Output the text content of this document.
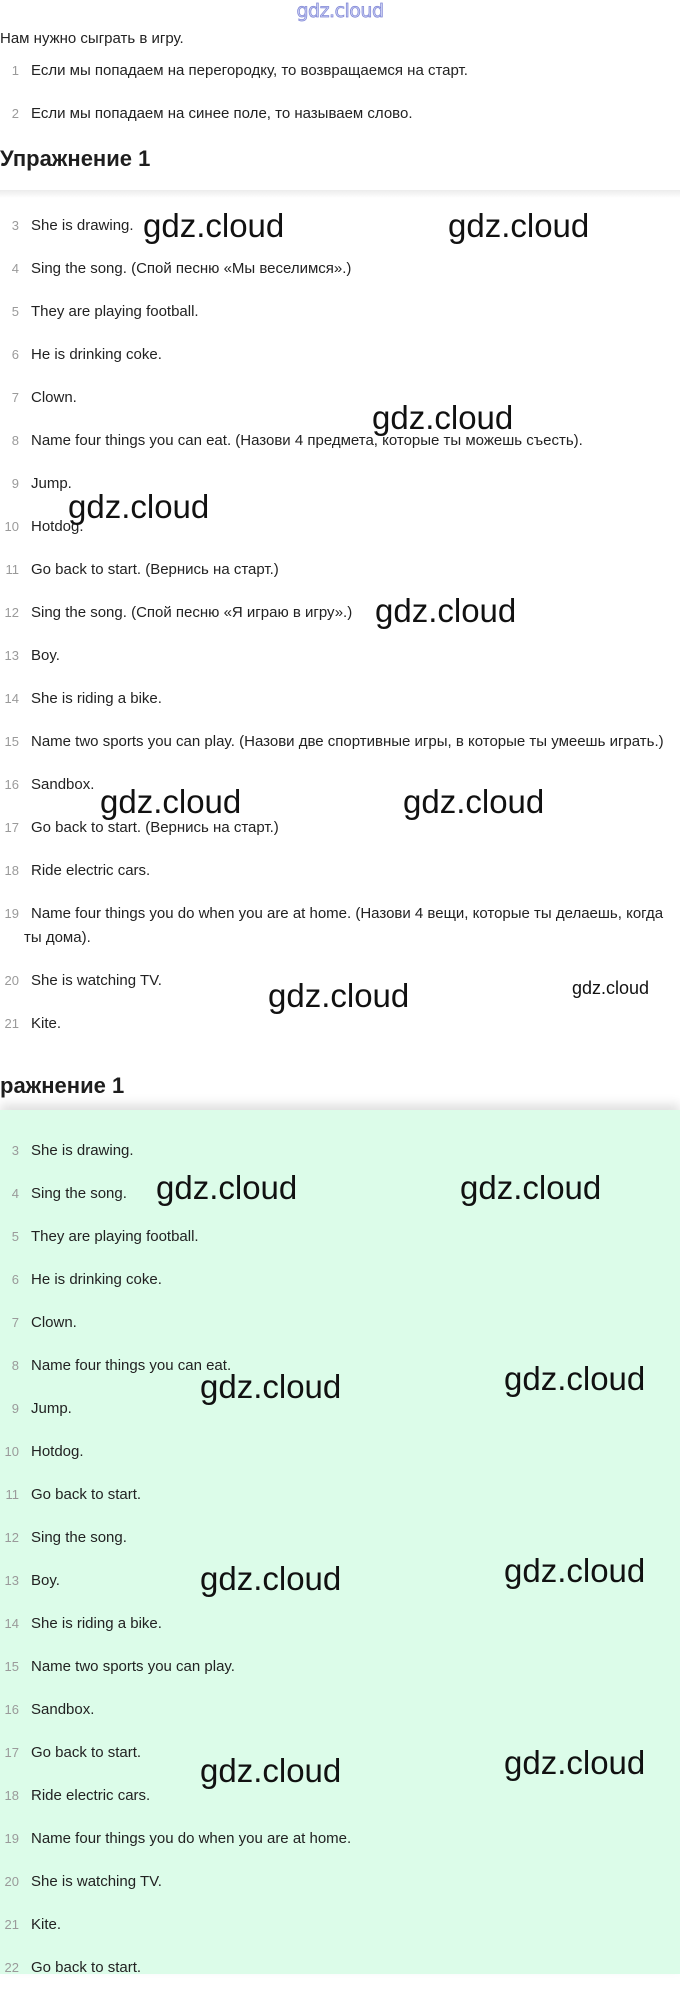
gdz.cloud
Нам нужно сыграть в игру.
1 Если мы попадаем на перегородку, то возвращаемся на старт.
2 Если мы попадаем на синее поле, то называем слово.
Упражнение 1
3 She is drawing.
4 Sing the song. (Спой песню «Мы веселимся».)
5 They are playing football.
6 He is drinking coke.
7 Clown.
8 Name four things you can eat. (Назови 4 предмета, которые ты можешь съесть).
9 Jump.
10 Hotdog.
11 Go back to start. (Вернись на старт.)
12 Sing the song. (Спой песню «Я играю в игру».)
13 Boy.
14 She is riding a bike.
15 Name two sports you can play. (Назови две спортивные игры, в которые ты умеешь играть.)
16 Sandbox.
17 Go back to start. (Вернись на старт.)
18 Ride electric cars.
19 Name four things you do when you are at home. (Назови 4 вещи, которые ты делаешь, когда ты дома).
20 She is watching TV.
21 Kite.
ражнение 1
3 She is drawing.
4 Sing the song.
5 They are playing football.
6 He is drinking coke.
7 Clown.
8 Name four things you can eat.
9 Jump.
10 Hotdog.
11 Go back to start.
12 Sing the song.
13 Boy.
14 She is riding a bike.
15 Name two sports you can play.
16 Sandbox.
17 Go back to start.
18 Ride electric cars.
19 Name four things you do when you are at home.
20 She is watching TV.
21 Kite.
22 Go back to start.
gdz.cloud	gdz.cloud
gdz.cloud
gdz.cloud
gdz.cloud
gdz.cloud	gdz.cloud
gdz.cloud	gdz.cloud
gdz.cloud	gdz.cloud
gdz.cloud	gdz.cloud
gdz.cloud	gdz.cloud
gdz.cloud	gdz.cloud
